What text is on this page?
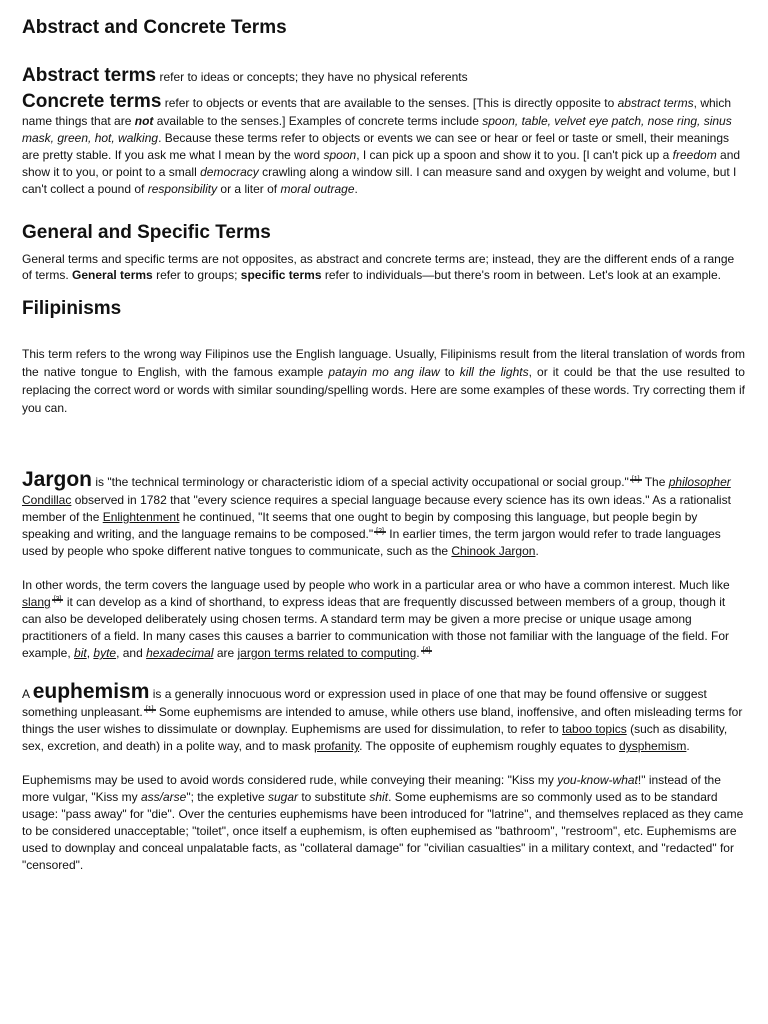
Abstract and Concrete Terms

Abstract terms refer to ideas or concepts; they have no physical referents

Concrete terms refer to objects or events that are available to the senses. [This is directly opposite to abstract terms, which name things that are not available to the senses.] Examples of concrete terms include spoon, table, velvet eye patch, nose ring, sinus mask, green, hot, walking. Because these terms refer to objects or events we can see or hear or feel or taste or smell, their meanings are pretty stable. If you ask me what I mean by the word spoon, I can pick up a spoon and show it to you. [I can't pick up a freedom and show it to you, or point to a small democracy crawling along a window sill. I can measure sand and oxygen by weight and volume, but I can't collect a pound of responsibility or a liter of moral outrage.

General and Specific Terms

General terms and specific terms are not opposites, as abstract and concrete terms are; instead, they are the different ends of a range of terms. General terms refer to groups; specific terms refer to individuals—but there's room in between. Let's look at an example.

Filipinisms

This term refers to the wrong way Filipinos use the English language. Usually, Filipinisms result from the literal translation of words from the native tongue to English, with the famous example patayin mo ang ilaw to kill the lights, or it could be that the use resulted to replacing the correct word or words with similar sounding/spelling words. Here are some examples of these words. Try correcting them if you can.

Jargon is "the technical terminology or characteristic idiom of a special activity occupational or social group." [1] The philosopher Condillac observed in 1782 that "every science requires a special language because every science has its own ideas." As a rationalist member of the Enlightenment he continued, "It seems that one ought to begin by composing this language, but people begin by speaking and writing, and the language remains to be composed." [2] In earlier times, the term jargon would refer to trade languages used by people who spoke different native tongues to communicate, such as the Chinook Jargon.

In other words, the term covers the language used by people who work in a particular area or who have a common interest. Much like slang [3] it can develop as a kind of shorthand, to express ideas that are frequently discussed between members of a group, though it can also be developed deliberately using chosen terms. A standard term may be given a more precise or unique usage among practitioners of a field. In many cases this causes a barrier to communication with those not familiar with the language of the field. For example, bit, byte, and hexadecimal are jargon terms related to computing. [4]

A euphemism is a generally innocuous word or expression used in place of one that may be found offensive or suggest something unpleasant. [1] Some euphemisms are intended to amuse, while others use bland, inoffensive, and often misleading terms for things the user wishes to dissimulate or downplay. Euphemisms are used for dissimulation, to refer to taboo topics (such as disability, sex, excretion, and death) in a polite way, and to mask profanity. The opposite of euphemism roughly equates to dysphemism.

Euphemisms may be used to avoid words considered rude, while conveying their meaning: "Kiss my you-know-what!" instead of the more vulgar, "Kiss my ass/arse"; the expletive sugar to substitute shit. Some euphemisms are so commonly used as to be standard usage: "pass away" for "die". Over the centuries euphemisms have been introduced for "latrine", and themselves replaced as they came to be considered unacceptable; "toilet", once itself a euphemism, is often euphemised as "bathroom", "restroom", etc. Euphemisms are used to downplay and conceal unpalatable facts, as "collateral damage" for "civilian casualties" in a military context, and "redacted" for "censored".
